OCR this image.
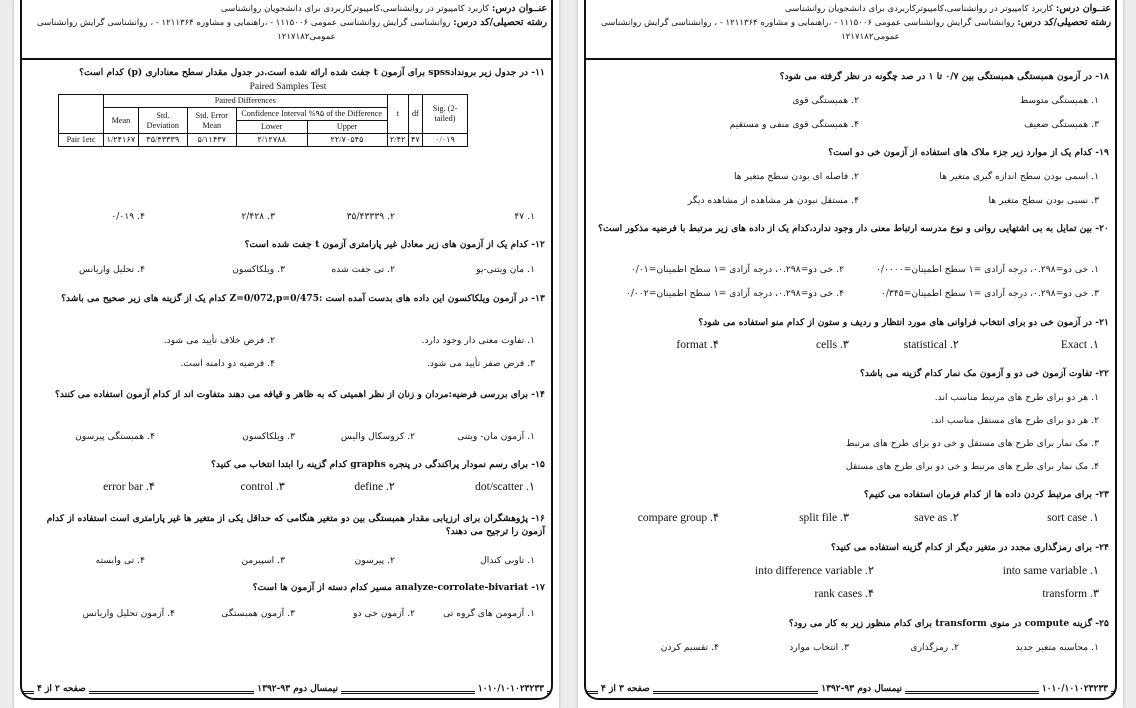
عنــوان درس: کاربرد کامپیوتر در روانشناسی،کامپیوترکاربردی برای دانشجویان روانشناسی
رشته تحصیلی/کد درس: روانشناسی گرایش روانشناسی عمومی ۱۱۱۵۰۰۶ - ،راهنمایی و مشاوره ۱۲۱۱۳۶۴ - ، روانشناسی گرایش روانشناسی
عمومی۱۲۱۷۱۸۲
۱۱- در جدول زیر بروندادspss برای آزمون t جفت شده ارائه شده است.در جدول مقدار سطح معناداری (p) کدام است؟
Paired Samples Test
	Paired Differences					t	df	Sig. (2-tailed)
	Mean	Std. Deviation	Std. Error Mean	Confidence Interval %۹۵ of the Difference				
				Lower	Upper			
Pair 1etc	۱/۲۴۱۶۷	۳۵/۴۳۳۳۹	۵/۱۱۴۳۷	۲/۱۲۷۸۸	۲۲/۷۰۵۴۵	۲/۴۲	۴۷	۰/۰۱۹
۱. ۴۷
۲. ۳۵/۴۳۳۳۹
۳. ۲/۴۲۸
۴. ۰/۰۱۹
۱۲- کدام یک از آزمون های زیر معادل غیر پارامتری آزمون t جفت شده است؟
۱. مان ویتنی-یو
۲. تی جفت شده
۳. ویلکاکسون
۴. تحلیل واریانس
۱۳- در آزمون ویلکاکسون این داده های بدست آمده است :Z=0/072,p=0/475 کدام یک از گزینه های زیر صحیح می باشد؟
۱. تفاوت معنی دار وجود دارد.
۲. فرض خلاف تأیید می شود.
۳. فرض صفر تأیید می شود.
۴. فرضیه دو دامنه است.
۱۴- برای بررسی فرضیه:مردان و زنان از نظر اهمیتی که به ظاهر و قیافه می دهند متفاوت اند از کدام آزمون استفاده می کنند؟
۱. آزمون مان- ویتنی
۲. کروسکال والیس
۳. ویلکاکسون
۴. همبستگی پیرسون
۱۵- برای رسم نمودار پراکندگی در پنجره graphs کدام گزینه را ابتدا انتخاب می کنید؟
dot/scatter .۱
define .۲
control .۳
error bar .۴
۱۶- پژوهشگران برای ارزیابی مقدار همبستگی بین دو متغیر هنگامی که حداقل یکی از متغیر ها غیر پارامتری است استفاده از کدام آزمون را ترجیح می دهند؟
۱. تاوبی کندال
۲. پیرسون
۳. اسپیرمن
۴. تی وابسته
۱۷- analyze-corrolate-bivariat مسیر کدام دسته از آزمون ها است؟
۱. آزمومن های گروه تی
۲. آزمون خی دو
۳. آزمون همبستگی
۴. آزمون تحلیل واریانس
۱۰۱۰/۱۰۱۰۲۳۲۳۳
نیمسال دوم ۹۳-۱۳۹۲
صفحه ۲ از ۴
عنــوان درس: کاربرد کامپیوتر در روانشناسی،کامپیوترکاربردی برای دانشجویان روانشناسی
رشته تحصیلی/کد درس: روانشناسی گرایش روانشناسی عمومی ۱۱۱۵۰۰۶ - ،راهنمایی و مشاوره ۱۲۱۱۳۶۴ - ، روانشناسی گرایش روانشناسی
عمومی۱۲۱۷۱۸۲
۱۸- در آزمون همبستگی همبستگی بین ۰/۷ تا ۱ در صد چگونه در نظر گرفته می شود؟
۱. همبستگی متوسط
۲. همبستگی قوی
۳. همبستگی ضعیف
۴. همبستگی قوی منفی و مستقیم
۱۹- کدام یک از موارد زیر جزء ملاک های استفاده از آزمون خی دو است؟
۱. اسمی بودن سطح اندازه گیری متغیر ها
۲. فاصله ای بودن سطح متغیر ها
۳. نسبی بودن سطح متغیر ها
۴. مستقل نبودن هر مشاهده از مشاهده دیگر
۲۰- بین تمایل به بی اشتهایی روانی و نوع مدرسه ارتباط معنی دار وجود ندارد،کدام یک از داده های زیر مرتبط با فرضیه مذکور است؟
۱. خی دو=۰.۲۹۸، درجه آزادی =۱ سطح اطمینان=۰/۰۰۰۰
۲. خی دو=۰.۲۹۸، درجه آزادی =۱ سطح اطمینان=۰/۰۱
۳. خی دو=۰.۲۹۸، درجه آزادی =۱ سطح اطمینان=۰/۳۴۵
۴. خی دو=۰.۲۹۸، درجه آزادی =۱ سطح اطمینان=۰/۰۰۲
۲۱- در آزمون خی دو برای انتخاب فراوانی های مورد انتظار و ردیف و ستون از کدام منو استفاده می شود؟
Exact .۱
statistical .۲
cells .۳
format .۴
۲۲- تفاوت آزمون خی دو و آزمون مک نمار کدام گزینه می باشد؟
۱. هر دو برای طرح های مرتبط مناسب اند.
۲. هر دو برای طرح های مستقل مناسب اند.
۳. مک نمار برای طرح های مستقل و خی دو برای طرح های مرتبط
۴. مک نمار برای طرح های مرتبط و خی دو برای طرح های مستقل
۲۳- برای مرتبط کردن داده ها از کدام فرمان استفاده می کنیم؟
sort case .۱
save as .۲
split file .۳
compare group .۴
۲۴- برای رمزگذاری مجدد در متغیر دیگر از کدام گزینه استفاده می کنید؟
into same variable .۱
into difference variable .۲
transform .۳
rank cases .۴
۲۵- گزینه compute در منوی transform برای کدام منظور زیر به کار می رود؟
۱. محاسبه متغیر جدید
۲. رمزگذاری
۳. انتخاب موارد
۴. تقسیم کردن
۱۰۱۰/۱۰۱۰۲۳۲۳۳
نیمسال دوم ۹۳-۱۳۹۲
صفحه ۳ از ۴
